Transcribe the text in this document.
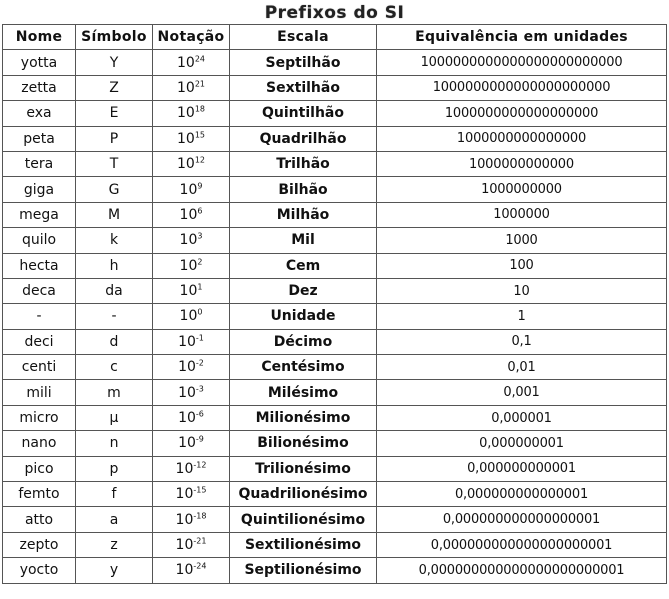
Prefixos do SI
Nome	Símbolo	Notação	Escala	Equivalência em unidades
yotta	Y	$10^{24}$	Septilhão	1000000000000000000000000
zetta	Z	$10^{21}$	Sextilhão	1000000000000000000000
exa	E	$10^{18}$	Quintilhão	1000000000000000000
peta	P	$10^{15}$	Quadrilhão	1000000000000000
tera	T	$10^{12}$	Trilhão	1000000000000
giga	G	$10^9$	Bilhão	1000000000
mega	M	$10^6$	Milhão	1000000
quilo	k	$10^3$	Mil	1000
hecta	h	$10^2$	Cem	100
deca	da	$10^1$	Dez	10
-	-	$10^0$	Unidade	1
deci	d	$10^{-1}$	Décimo	0,1
centi	c	$10^{-2}$	Centésimo	0,01
mili	m	$10^{-3}$	Milésimo	0,001
micro	µ	$10^{-6}$	Milionésimo	0,000001
nano	n	$10^{-9}$	Bilionésimo	0,000000001
pico	p	$10^{-12}$	Trilionésimo	0,000000000001
femto	f	$10^{-15}$	Quadrilionésimo	0,000000000000001
atto	a	$10^{-18}$	Quintilionésimo	0,000000000000000001
zepto	z	$10^{-21}$	Sextilionésimo	0,000000000000000000001
yocto	y	$10^{-24}$	Septilionésimo	0,000000000000000000000001
